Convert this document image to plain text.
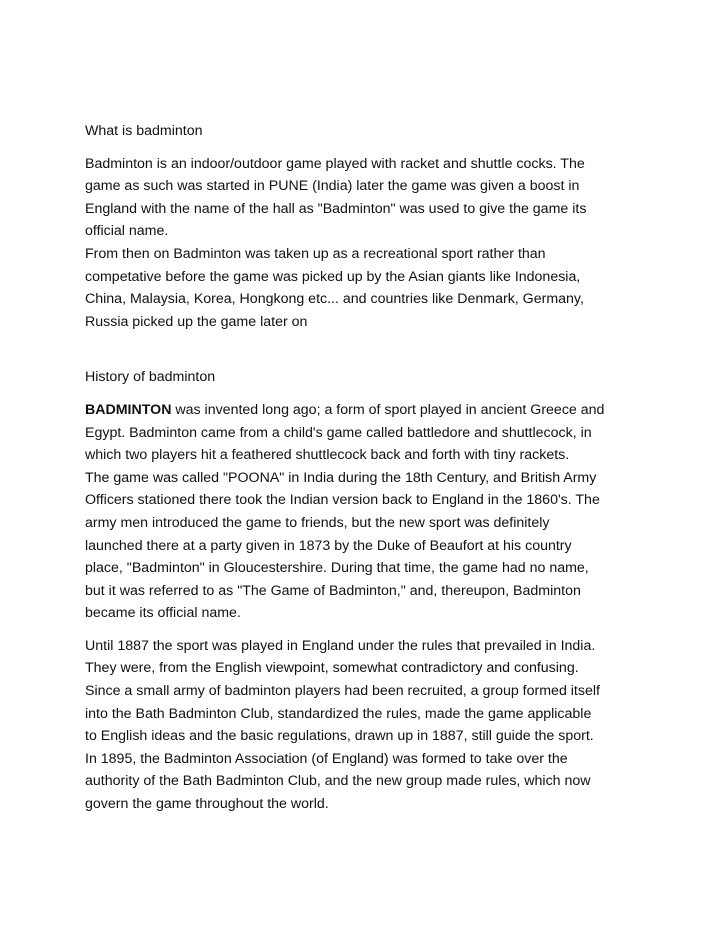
What is badminton
Badminton is an indoor/outdoor game played with racket and shuttle cocks. The
game as such was started in PUNE (India) later the game was given a boost in
England with the name of the hall as "Badminton" was used to give the game its
official name.
From then on Badminton was taken up as a recreational sport rather than
competative before the game was picked up by the Asian giants like Indonesia,
China, Malaysia, Korea, Hongkong etc... and countries like Denmark, Germany,
Russia picked up the game later on
History of badminton
BADMINTON was invented long ago; a form of sport played in ancient Greece and
Egypt. Badminton came from a child's game called battledore and shuttlecock, in
which two players hit a feathered shuttlecock back and forth with tiny rackets.
The game was called "POONA" in India during the 18th Century, and British Army
Officers stationed there took the Indian version back to England in the 1860's. The
army men introduced the game to friends, but the new sport was definitely
launched there at a party given in 1873 by the Duke of Beaufort at his country
place, "Badminton" in Gloucestershire. During that time, the game had no name,
but it was referred to as "The Game of Badminton," and, thereupon, Badminton
became its official name.
Until 1887 the sport was played in England under the rules that prevailed in India.
They were, from the English viewpoint, somewhat contradictory and confusing.
Since a small army of badminton players had been recruited, a group formed itself
into the Bath Badminton Club, standardized the rules, made the game applicable
to English ideas and the basic regulations, drawn up in 1887, still guide the sport.
In 1895, the Badminton Association (of England) was formed to take over the
authority of the Bath Badminton Club, and the new group made rules, which now
govern the game throughout the world.
